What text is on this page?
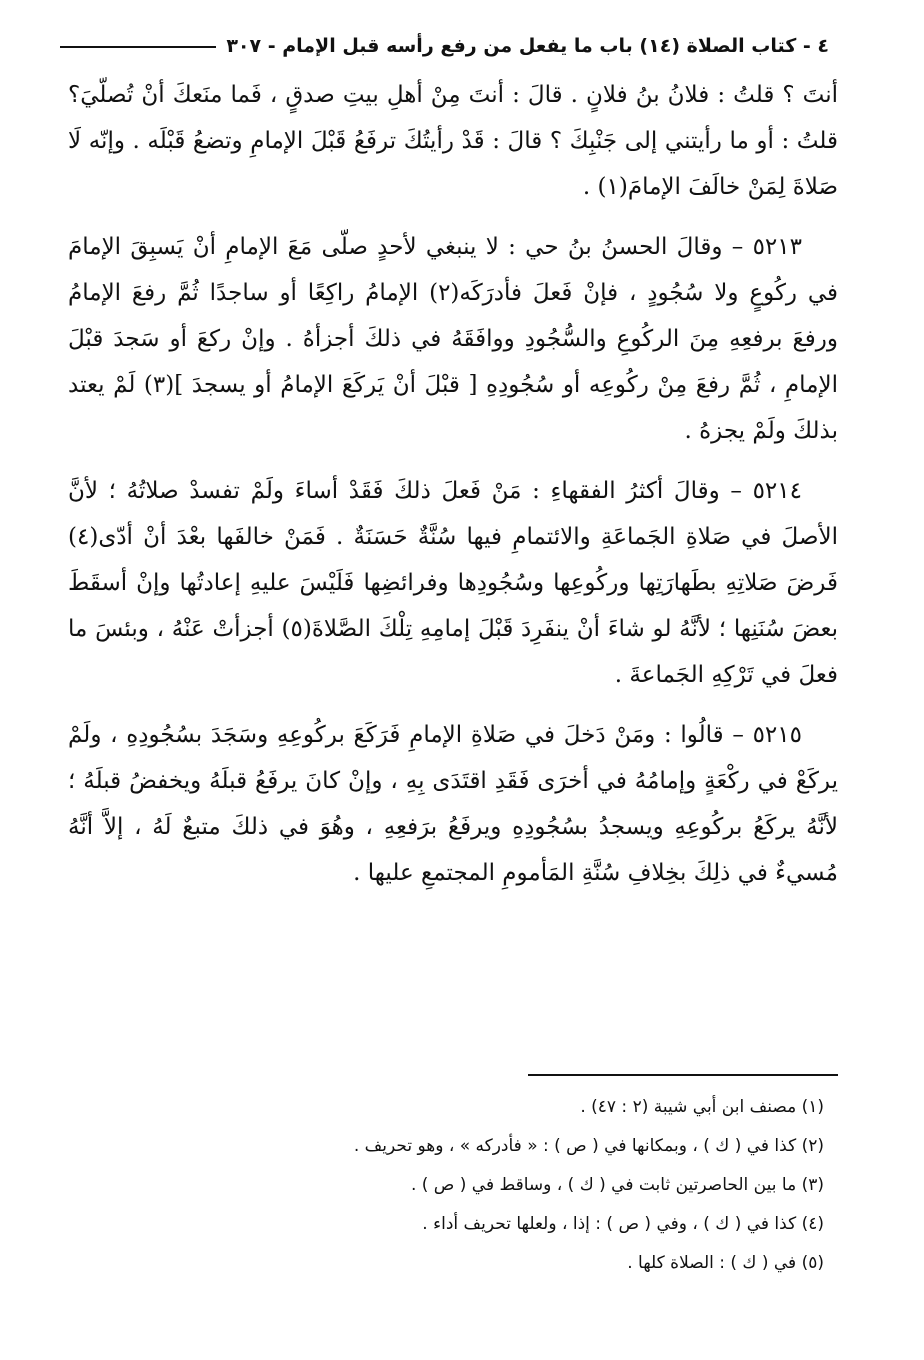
٤ - كتاب الصلاة (١٤) باب ما يفعل من رفع رأسه قبل الإمام - ٣٠٧

أنتَ ؟ قلتُ : فلانُ بنُ فلانٍ . قالَ : أنتَ مِنْ أهلِ بيتِ صدقٍ ، فَما منَعكَ أنْ تُصلّيَ؟ قلتُ : أو ما رأيتني إلى جَنْبِكَ ؟ قالَ : قَدْ رأيتُكَ ترفَعُ قَبْلَ الإمامِ وتضعُ قَبْلَه . وإنّه لَا صَلاةَ لِمَنْ خالَفَ الإمامَ(١) .

٥٢١٣ – وقالَ الحسنُ بنُ حي : لا ينبغي لأحدٍ صلّى مَعَ الإمامِ أنْ يَسبِقَ الإمامَ في ركُوعٍ ولا سُجُودٍ ، فإنْ فَعلَ فأدرَكَه(٢) الإمامُ راكِعًا أو ساجدًا ثُمَّ رفعَ الإمامُ ورفعَ برفعِهِ مِنَ الركُوعِ والسُّجُودِ ووافَقَهُ في ذلكَ أجزأهُ . وإنْ ركعَ أو سَجدَ قبْلَ الإمامِ ، ثُمَّ رفعَ مِنْ ركُوعِه أو سُجُودِهِ [ قبْلَ أنْ يَركَعَ الإمامُ أو يسجدَ ](٣) لَمْ يعتد بذلكَ ولَمْ يجزهُ .

٥٢١٤ – وقالَ أكثرُ الفقهاءِ : مَنْ فَعلَ ذلكَ فَقَدْ أساءَ ولَمْ تفسدْ صلاتُهُ ؛ لأنَّ الأصلَ في صَلاةِ الجَماعَةِ والائتمامِ فيها سُنَّةٌ حَسَنَةٌ . فَمَنْ خالفَها بعْدَ أنْ أدّى(٤) فَرضَ صَلاتِهِ بطَهارَتِها وركُوعِها وسُجُودِها وفرائضِها فَلَيْسَ عليهِ إعادتُها وإنْ أسقَطَ بعضَ سُنَنِها ؛ لأنَّهُ لو شاءَ أنْ ينفَرِدَ قَبْلَ إمامِهِ تِلْكَ الصَّلاةَ(٥) أجزأتْ عَنْهُ ، وبئسَ ما فعلَ في تَرْكِهِ الجَماعةَ .

٥٢١٥ – قالُوا : ومَنْ دَخلَ في صَلاةِ الإمامِ فَرَكَعَ بركُوعِهِ وسَجَدَ بسُجُودِهِ ، ولَمْ يركَعْ في ركْعَةٍ وإمامُهُ في أخرَى فَقَدِ اقتَدَى بِهِ ، وإنْ كانَ يرفَعُ قبلَهُ ويخفضُ قبلَهُ ؛ لأنَّهُ يركَعُ بركُوعِهِ ويسجدُ بسُجُودِهِ ويرفَعُ برَفعِهِ ، وهُوَ في ذلكَ متبعٌ لَهُ ، إلاَّ أنَّهُ مُسيءٌ في ذلِكَ بخِلافِ سُنَّةِ المَأمومِ المجتمعِ عليها .

(١) مصنف ابن أبي شيبة (٢ : ٤٧) .
(٢) كذا في ( ك ) ، وبمكانها في ( ص ) : « فأدركه » ، وهو تحريف .
(٣) ما بين الحاصرتين ثابت في ( ك ) ، وساقط في ( ص ) .
(٤) كذا في ( ك ) ، وفي ( ص ) : إذا ، ولعلها تحريف أداء .
(٥) في ( ك ) : الصلاة كلها .
